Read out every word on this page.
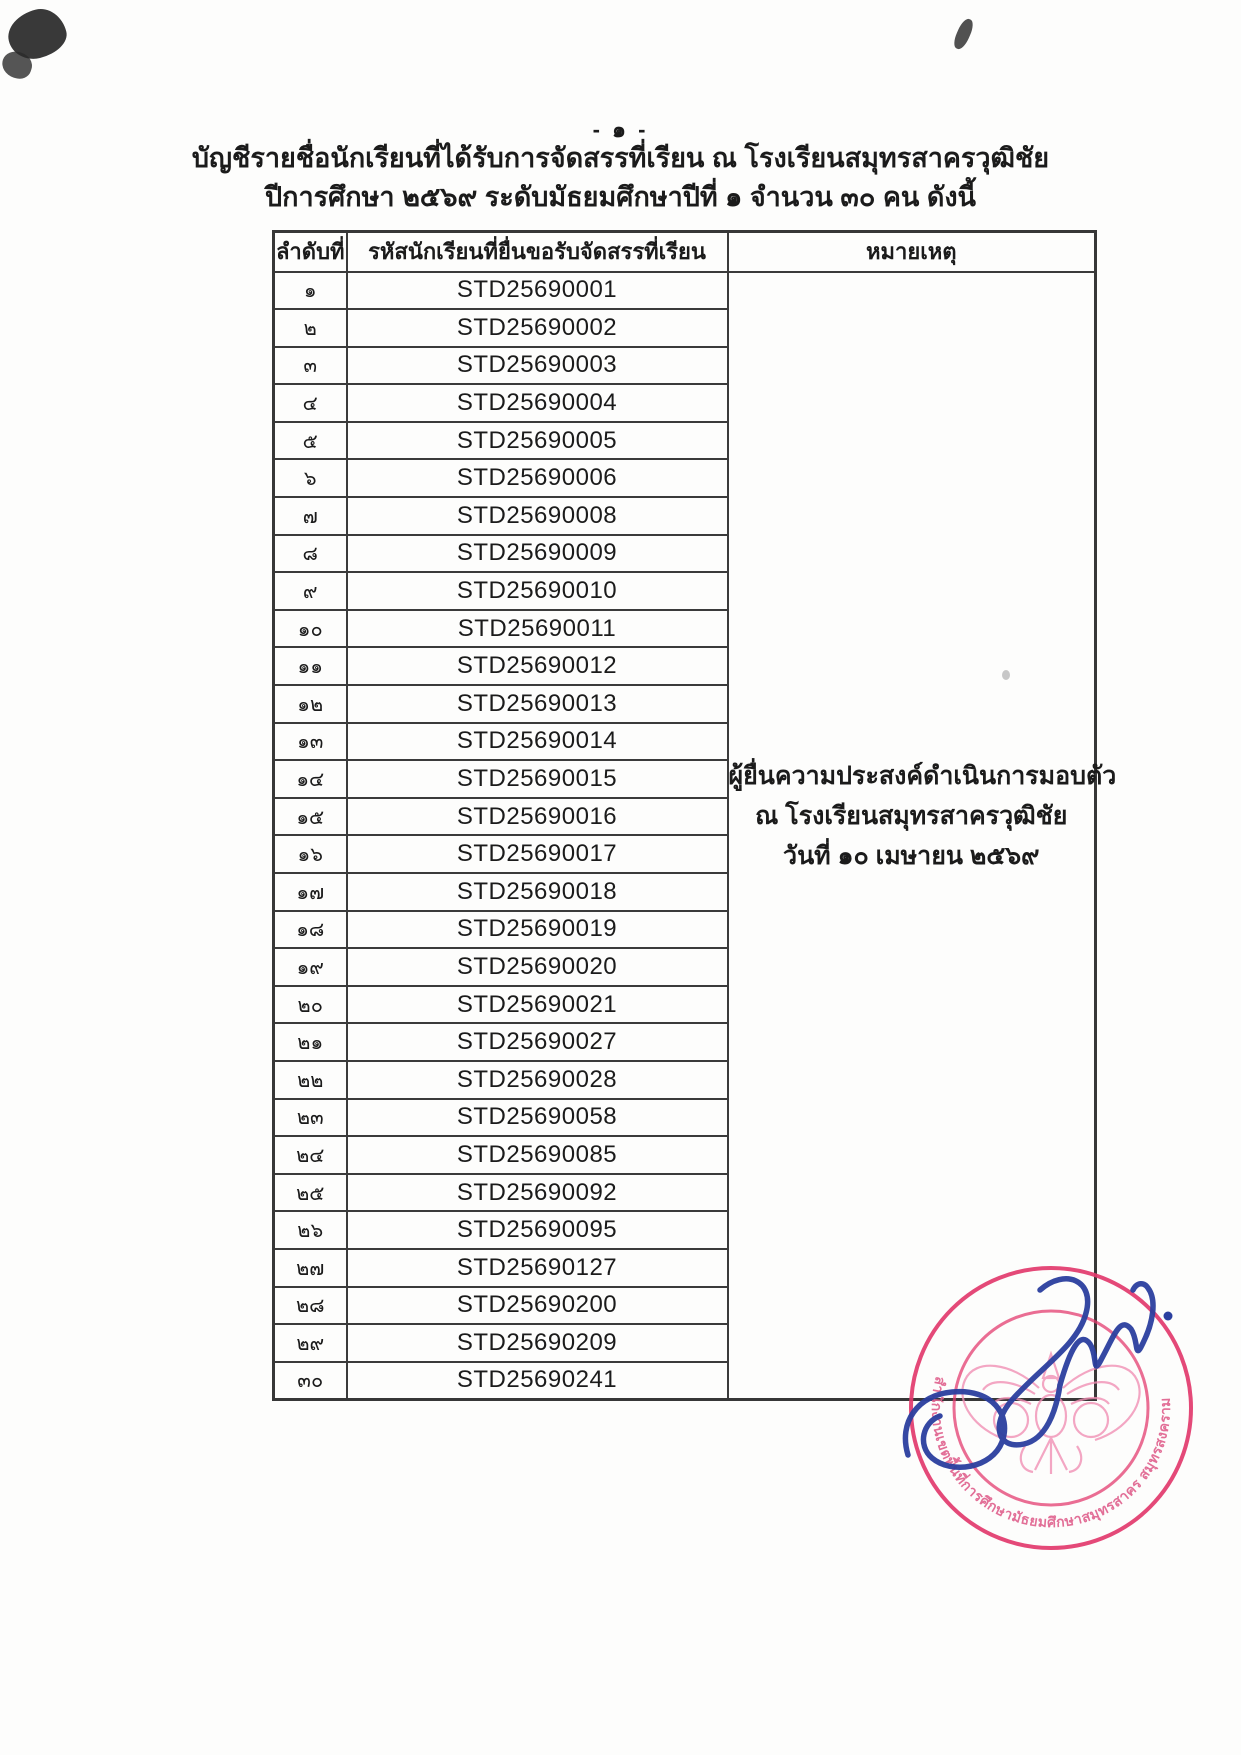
- ๑ -
บัญชีรายชื่อนักเรียนที่ได้รับการจัดสรรที่เรียน ณ โรงเรียนสมุทรสาครวุฒิชัย
ปีการศึกษา ๒๕๖๙ ระดับมัธยมศึกษาปีที่ ๑ จำนวน ๓๐ คน ดังนี้
ลำดับที่	รหัสนักเรียนที่ยื่นขอรับจัดสรรที่เรียน	หมายเหตุ
๑	STD25690001	ผู้ยื่นความประสงค์ดำเนินการมอบตัว
ณ โรงเรียนสมุทรสาครวุฒิชัย
วันที่ ๑๐ เมษายน ๒๕๖๙

๒	STD25690002	
๓	STD25690003	
๔	STD25690004	
๕	STD25690005	
๖	STD25690006	
๗	STD25690008	
๘	STD25690009	
๙	STD25690010	
๑๐	STD25690011	
๑๑	STD25690012	
๑๒	STD25690013	
๑๓	STD25690014	
๑๔	STD25690015	
๑๕	STD25690016	
๑๖	STD25690017	
๑๗	STD25690018	
๑๘	STD25690019	
๑๙	STD25690020	
๒๐	STD25690021	
๒๑	STD25690027	
๒๒	STD25690028	
๒๓	STD25690058	
๒๔	STD25690085	
๒๕	STD25690092	
๒๖	STD25690095	
๒๗	STD25690127	
๒๘	STD25690200	
๒๙	STD25690209	
๓๐	STD25690241		สำนักงานเขตพื้นที่การศึกษามัธยมศึกษาสมุทรสาคร สมุทรสงคราม
